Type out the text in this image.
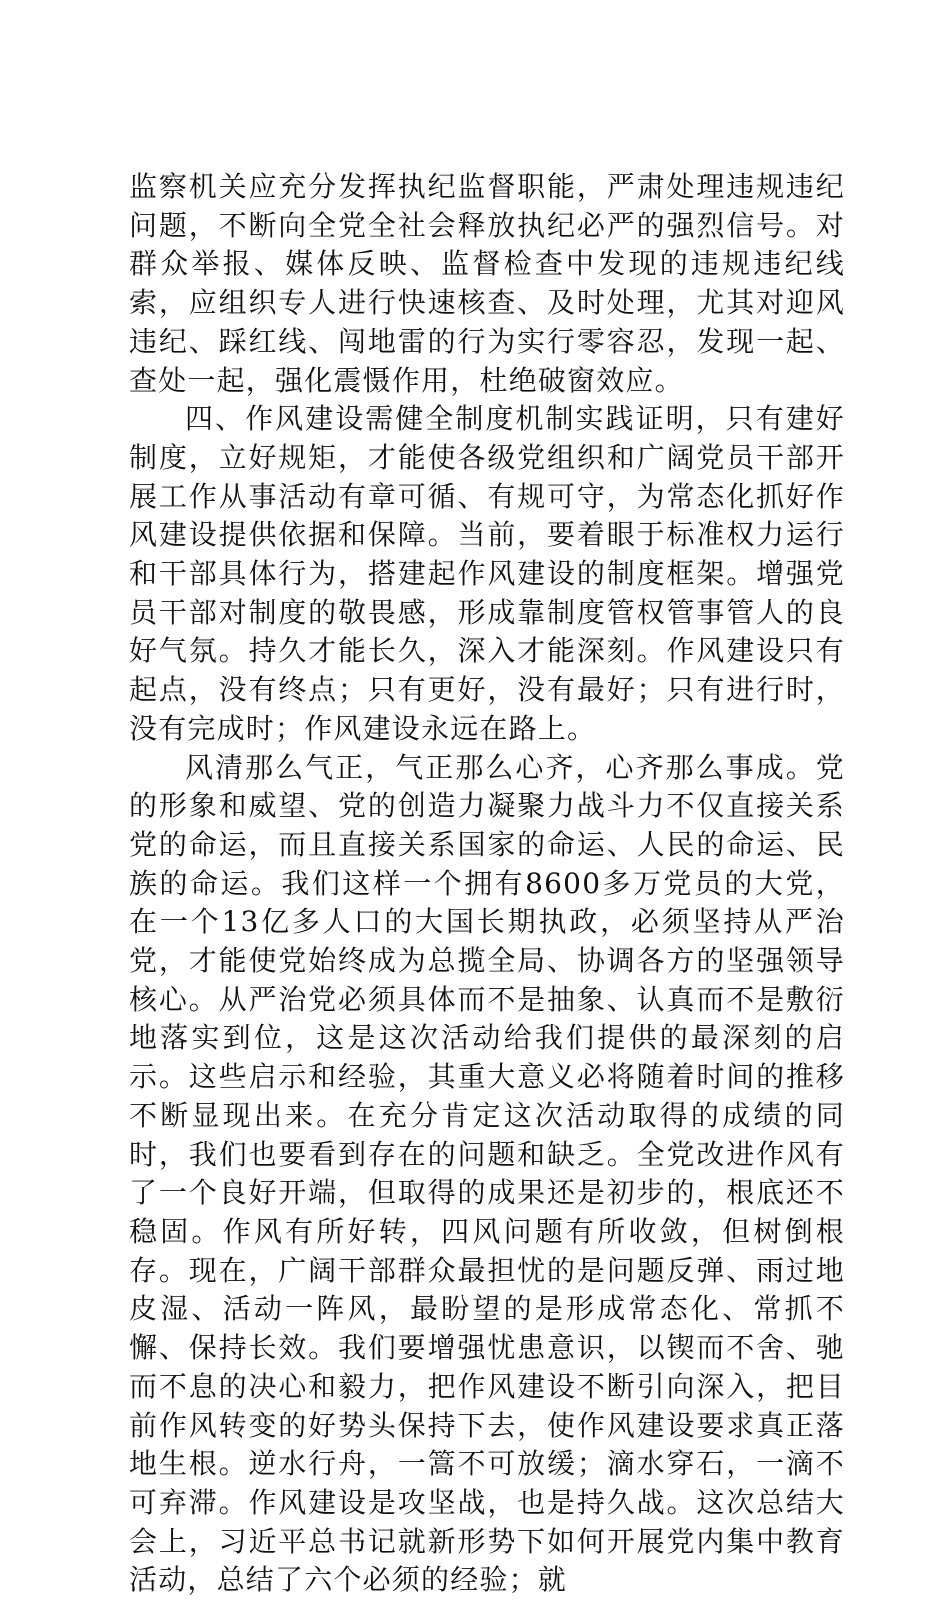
监察机关应充分发挥执纪监督职能，严肃处理违规违纪问题，不断向全党全社会释放执纪必严的强烈信号。对群众举报、媒体反映、监督检查中发现的违规违纪线索，应组织专人进行快速核查、及时处理，尤其对迎风违纪、踩红线、闯地雷的行为实行零容忍，发现一起、查处一起，强化震慑作用，杜绝破窗效应。

四、作风建设需健全制度机制实践证明，只有建好制度，立好规矩，才能使各级党组织和广阔党员干部开展工作从事活动有章可循、有规可守，为常态化抓好作风建设提供依据和保障。当前，要着眼于标准权力运行和干部具体行为，搭建起作风建设的制度框架。增强党员干部对制度的敬畏感，形成靠制度管权管事管人的良好气氛。持久才能长久，深入才能深刻。作风建设只有起点，没有终点；只有更好，没有最好；只有进行时，没有完成时；作风建设永远在路上。

风清那么气正，气正那么心齐，心齐那么事成。党的形象和威望、党的创造力凝聚力战斗力不仅直接关系党的命运，而且直接关系国家的命运、人民的命运、民族的命运。我们这样一个拥有8600多万党员的大党，在一个13亿多人口的大国长期执政，必须坚持从严治党，才能使党始终成为总揽全局、协调各方的坚强领导核心。从严治党必须具体而不是抽象、认真而不是敷衍地落实到位，这是这次活动给我们提供的最深刻的启示。这些启示和经验，其重大意义必将随着时间的推移不断显现出来。在充分肯定这次活动取得的成绩的同时，我们也要看到存在的问题和缺乏。全党改进作风有了一个良好开端，但取得的成果还是初步的，根底还不稳固。作风有所好转，四风问题有所收敛，但树倒根存。现在，广阔干部群众最担忧的是问题反弹、雨过地皮湿、活动一阵风，最盼望的是形成常态化、常抓不懈、保持长效。我们要增强忧患意识，以锲而不舍、驰而不息的决心和毅力，把作风建设不断引向深入，把目前作风转变的好势头保持下去，使作风建设要求真正落地生根。逆水行舟，一篙不可放缓；滴水穿石，一滴不可弃滞。作风建设是攻坚战，也是持久战。这次总结大会上，习近平总书记就新形势下如何开展党内集中教育活动，总结了六个必须的经验；就
